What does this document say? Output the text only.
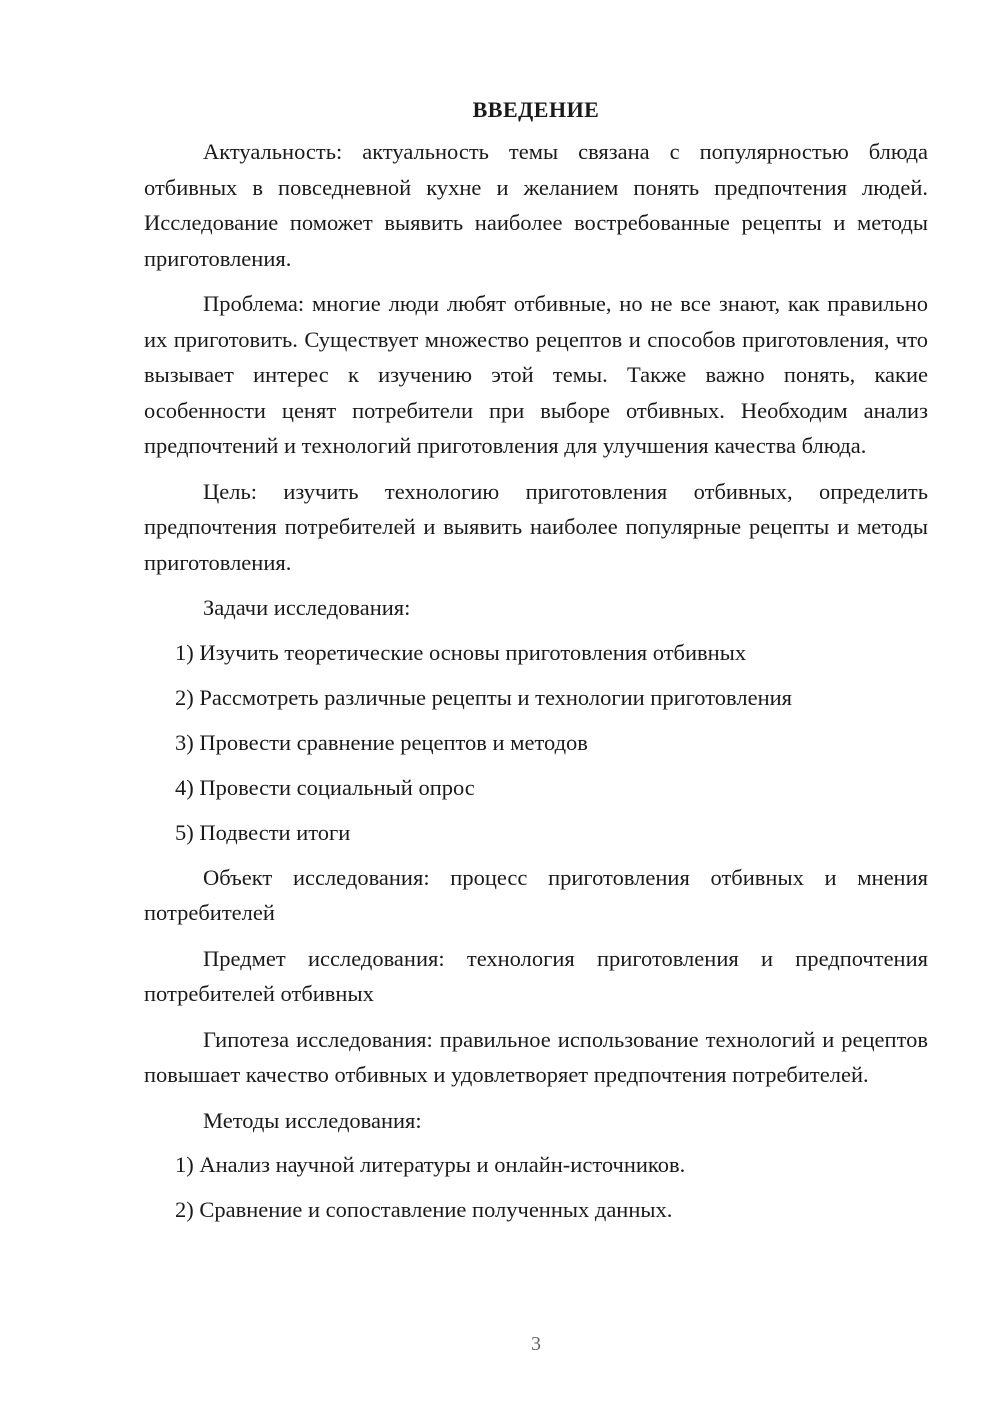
ВВЕДЕНИЕ

Актуальность: актуальность темы связана с популярностью блюда отбивных в повседневной кухне и желанием понять предпочтения людей. Исследование поможет выявить наиболее востребованные рецепты и методы приготовления.

Проблема: многие люди любят отбивные, но не все знают, как правильно их приготовить. Существует множество рецептов и способов приготовления, что вызывает интерес к изучению этой темы. Также важно понять, какие особенности ценят потребители при выборе отбивных. Необходим анализ предпочтений и технологий приготовления для улучшения качества блюда.

Цель: изучить технологию приготовления отбивных, определить предпочтения потребителей и выявить наиболее популярные рецепты и методы приготовления.

Задачи исследования:
1) Изучить теоретические основы приготовления отбивных
2) Рассмотреть различные рецепты и технологии приготовления
3) Провести сравнение рецептов и методов
4) Провести социальный опрос
5) Подвести итоги

Объект исследования: процесс приготовления отбивных и мнения потребителей

Предмет исследования: технология приготовления и предпочтения потребителей отбивных

Гипотеза исследования: правильное использование технологий и рецептов повышает качество отбивных и удовлетворяет предпочтения потребителей.

Методы исследования:
1) Анализ научной литературы и онлайн-источников.
2) Сравнение и сопоставление полученных данных.
3
